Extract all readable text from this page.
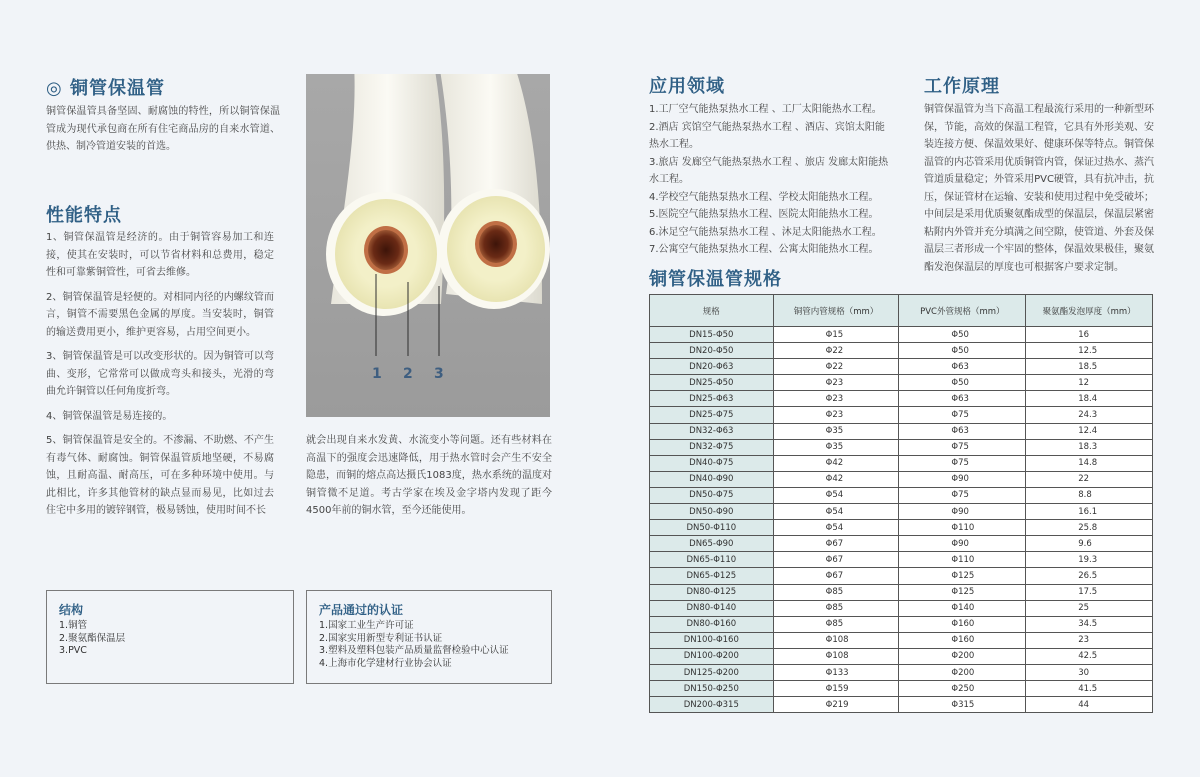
◎ 铜管保温管

铜管保温管具备坚固、耐腐蚀的特性，所以铜管保温管成为现代承包商在所有住宅商品房的自来水管道、供热、制冷管道安装的首选。

性能特点

1、铜管保温管是经济的。由于铜管容易加工和连接，使其在安装时，可以节省材料和总费用，稳定性和可靠紫铜管性，可省去维修。

2、铜管保温管是轻便的。对相同内径的内螺纹管而言，铜管不需要黑色金属的厚度。当安装时，铜管的输送费用更小，维护更容易，占用空间更小。

3、铜管保温管是可以改变形状的。因为铜管可以弯曲、变形，它常常可以做成弯头和接头，光滑的弯曲允许铜管以任何角度折弯。

4、铜管保温管是易连接的。

5、铜管保温管是安全的。不渗漏、不助燃、不产生有毒气体、耐腐蚀。铜管保温管质地坚硬，不易腐蚀，且耐高温、耐高压，可在多种环境中使用。与此相比，许多其他管材的缺点显而易见，比如过去住宅中多用的镀锌钢管，极易锈蚀，使用时间不长

1 2 3

就会出现自来水发黄、水流变小等问题。还有些材料在高温下的强度会迅速降低，用于热水管时会产生不安全隐患，而铜的熔点高达摄氏1083度，热水系统的温度对铜管微不足道。考古学家在埃及金字塔内发现了距今4500年前的铜水管，至今还能使用。

结构
1.铜管
2.聚氨酯保温层
3.PVC
产品通过的认证
1.国家工业生产许可证
2.国家实用新型专利证书认证
3.塑料及塑料包装产品质量监督检验中心认证
4.上海市化学建材行业协会认证
应用领域
1.工厂空气能热泵热水工程 、工厂太阳能热水工程。
2.酒店 宾馆空气能热泵热水工程 、酒店、宾馆太阳能热水工程。
3.旅店 发廊空气能热泵热水工程 、旅店 发廊太阳能热水工程。
4.学校空气能热泵热水工程、学校太阳能热水工程。
5.医院空气能热泵热水工程、医院太阳能热水工程。
6.沐足空气能热泵热水工程 、沐足太阳能热水工程。
7.公寓空气能热泵热水工程、公寓太阳能热水工程。
工作原理

铜管保温管为当下高温工程最流行采用的一种新型环保，节能，高效的保温工程管，它具有外形美观、安装连接方便、保温效果好、健康环保等特点。铜管保温管的内芯管采用优质铜管内管，保证过热水、蒸汽管道质量稳定；外管采用PVC硬管，具有抗冲击，抗压，保证管材在运输、安装和使用过程中免受破坏；中间层是采用优质聚氨酯成型的保温层，保温层紧密粘附内外管并充分填满之间空隙，使管道、外套及保温层三者形成一个牢固的整体，保温效果极佳，聚氨酯发泡保温层的厚度也可根据客户要求定制。

铜管保温管规格
规格	铜管内管规格（mm）	PVC外管规格（mm）	聚氨酯发泡厚度（mm）
DN15-Φ50	Φ15	Φ50	16
DN20-Φ50	Φ22	Φ50	12.5
DN20-Φ63	Φ22	Φ63	18.5
DN25-Φ50	Φ23	Φ50	12
DN25-Φ63	Φ23	Φ63	18.4
DN25-Φ75	Φ23	Φ75	24.3
DN32-Φ63	Φ35	Φ63	12.4
DN32-Φ75	Φ35	Φ75	18.3
DN40-Φ75	Φ42	Φ75	14.8
DN40-Φ90	Φ42	Φ90	22
DN50-Φ75	Φ54	Φ75	8.8
DN50-Φ90	Φ54	Φ90	16.1
DN50-Φ110	Φ54	Φ110	25.8
DN65-Φ90	Φ67	Φ90	9.6
DN65-Φ110	Φ67	Φ110	19.3
DN65-Φ125	Φ67	Φ125	26.5
DN80-Φ125	Φ85	Φ125	17.5
DN80-Φ140	Φ85	Φ140	25
DN80-Φ160	Φ85	Φ160	34.5
DN100-Φ160	Φ108	Φ160	23
DN100-Φ200	Φ108	Φ200	42.5
DN125-Φ200	Φ133	Φ200	30
DN150-Φ250	Φ159	Φ250	41.5
DN200-Φ315	Φ219	Φ315	44
